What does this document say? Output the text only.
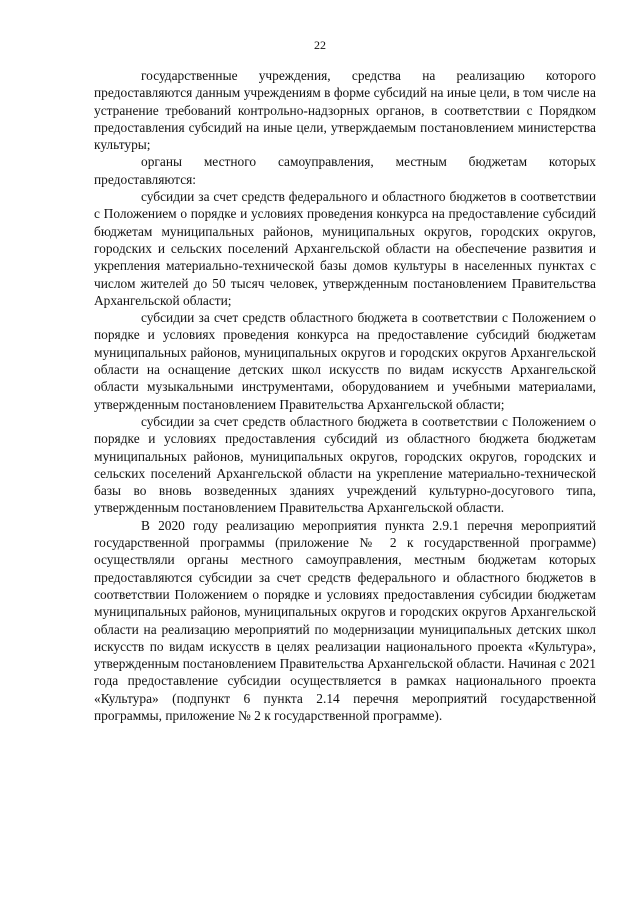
22

государственные учреждения, средства на реализацию которого предоставляются данным учреждениям в форме субсидий на иные цели, в том числе на устранение требований контрольно-надзорных органов, в соответствии с Порядком предоставления субсидий на иные цели, утверждаемым постановлением министерства культуры;

органы местного самоуправления, местным бюджетам которых предоставляются:

субсидии за счет средств федерального и областного бюджетов в соответствии с Положением о порядке и условиях проведения конкурса на предоставление субсидий бюджетам муниципальных районов, муниципальных округов, городских округов, городских и сельских поселений Архангельской области на обеспечение развития и укрепления материально-технической базы домов культуры в населенных пунктах с числом жителей до 50 тысяч человек, утвержденным постановлением Правительства Архангельской области;

субсидии за счет средств областного бюджета в соответствии с Положением о порядке и условиях проведения конкурса на предоставление субсидий бюджетам муниципальных районов, муниципальных округов и городских округов Архангельской области на оснащение детских школ искусств по видам искусств Архангельской области музыкальными инструментами, оборудованием и учебными материалами, утвержденным постановлением Правительства Архангельской области;

субсидии за счет средств областного бюджета в соответствии с Положением о порядке и условиях предоставления субсидий из областного бюджета бюджетам муниципальных районов, муниципальных округов, городских округов, городских и сельских поселений Архангельской области на укрепление материально-технической базы во вновь возведенных зданиях учреждений культурно-досугового типа, утвержденным постановлением Правительства Архангельской области.

В 2020 году реализацию мероприятия пункта 2.9.1 перечня мероприятий государственной программы (приложение № 2 к государственной программе) осуществляли органы местного самоуправления, местным бюджетам которых предоставляются субсидии за счет средств федерального и областного бюджетов в соответствии Положением о порядке и условиях предоставления субсидии бюджетам муниципальных районов, муниципальных округов и городских округов Архангельской области на реализацию мероприятий по модернизации муниципальных детских школ искусств по видам искусств в целях реализации национального проекта «Культура», утвержденным постановлением Правительства Архангельской области. Начиная с 2021 года предоставление субсидии осуществляется в рамках национального проекта «Культура» (подпункт 6 пункта 2.14 перечня мероприятий государственной программы, приложение № 2 к государственной программе).
